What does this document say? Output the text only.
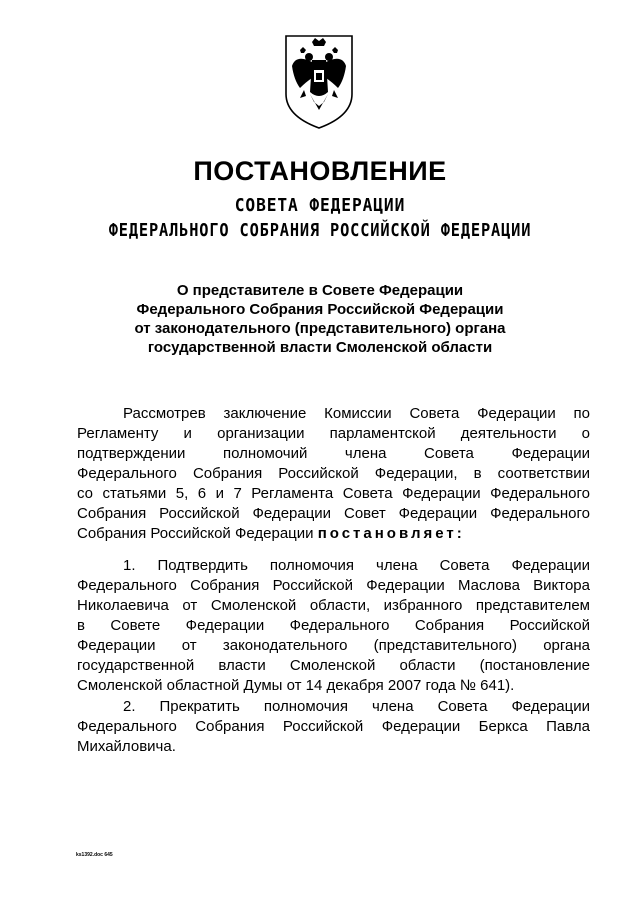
ПОСТАНОВЛЕНИЕ
СОВЕТА ФЕДЕРАЦИИ
ФЕДЕРАЛЬНОГО СОБРАНИЯ РОССИЙСКОЙ ФЕДЕРАЦИИ
О представителе в Совете Федерации
Федерального Собрания Российской Федерации
от законодательного (представительного) органа
государственной власти Смоленской области
Рассмотрев заключение Комиссии Совета Федерации по
Регламенту и организации парламентской деятельности о
подтверждении полномочий члена Совета Федерации
Федерального Собрания Российской Федерации, в соответствии
со статьями 5, 6 и 7 Регламента Совета Федерации Федерального
Собрания Российской Федерации Совет Федерации Федерального
Собрания Российской Федерации постановляет:
1. Подтвердить полномочия члена Совета Федерации
Федерального Собрания Российской Федерации Маслова Виктора
Николаевича от Смоленской области, избранного представителем
в Совете Федерации Федерального Собрания Российской
Федерации от законодательного (представительного) органа
государственной власти Смоленской области (постановление
Смоленской областной Думы от 14 декабря 2007 года № 641).
2. Прекратить полномочия члена Совета Федерации
Федерального Собрания Российской Федерации Беркса Павла
Михайловича.
ks1392.doc 645
